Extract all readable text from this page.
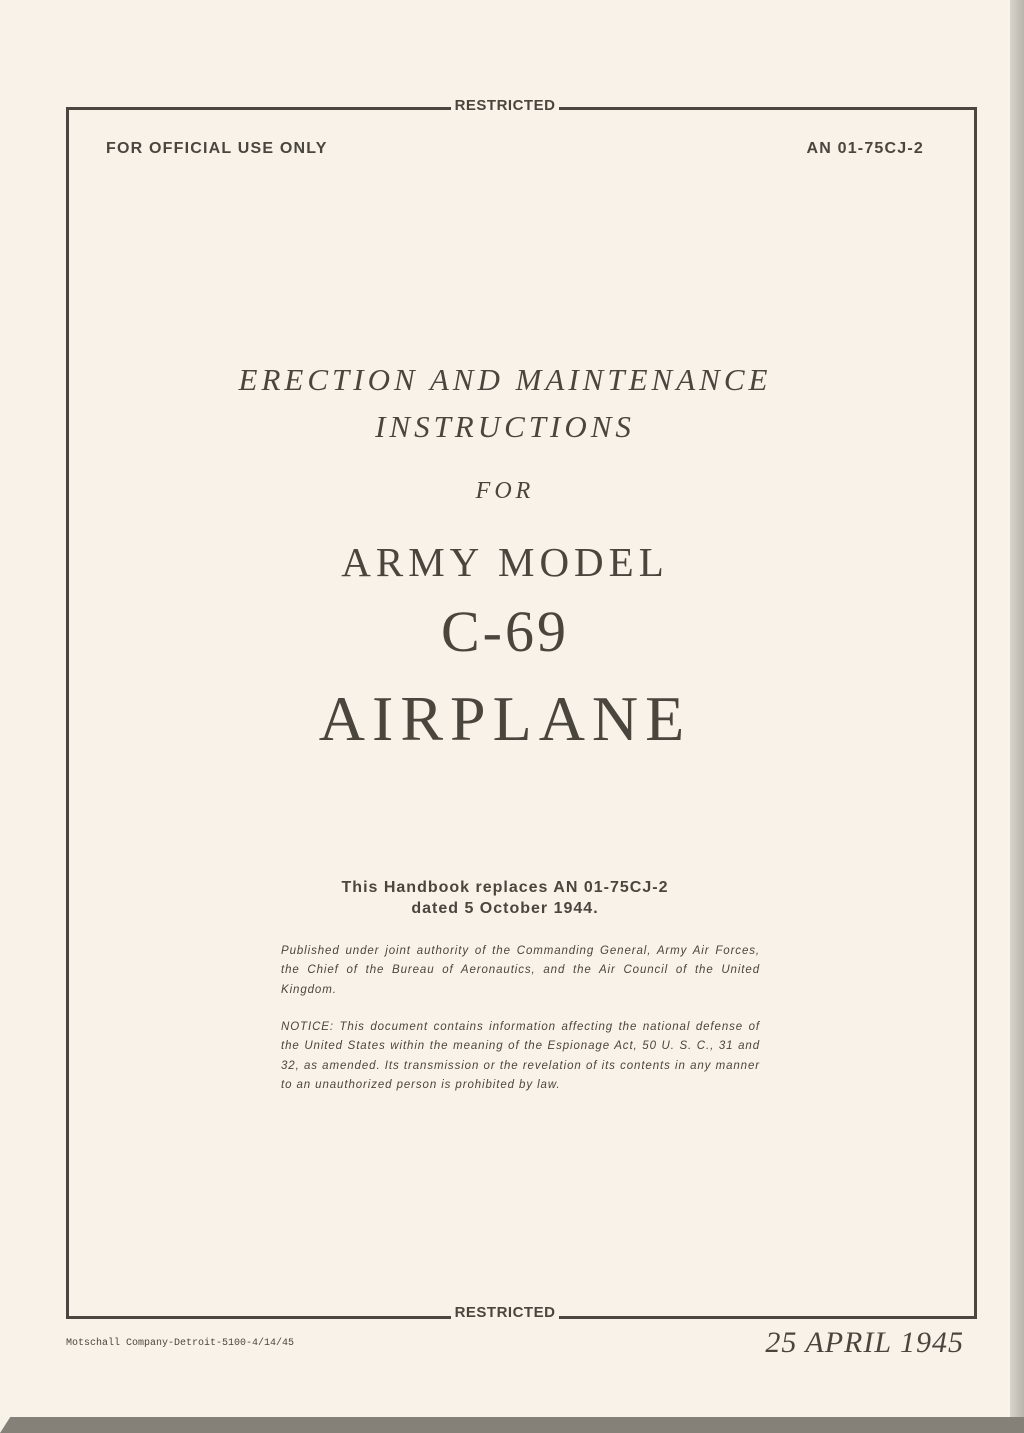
RESTRICTED
FOR OFFICIAL USE ONLY	AN 01-75CJ-2
ERECTION AND MAINTENANCE
INSTRUCTIONS
FOR
ARMY MODEL
C-69
AIRPLANE
This Handbook replaces AN 01-75CJ-2
dated 5 October 1944.
Published under joint authority of the Commanding General, Army Air Forces, the Chief of the Bureau of Aeronautics, and the Air Council of the United Kingdom.
NOTICE: This document contains information affecting the national defense of the United States within the meaning of the Espionage Act, 50 U. S. C., 31 and 32, as amended. Its transmission or the revelation of its contents in any manner to an unauthorized person is prohibited by law.
RESTRICTED
Motschall Company-Detroit-5100-4/14/45	25 APRIL 1945
